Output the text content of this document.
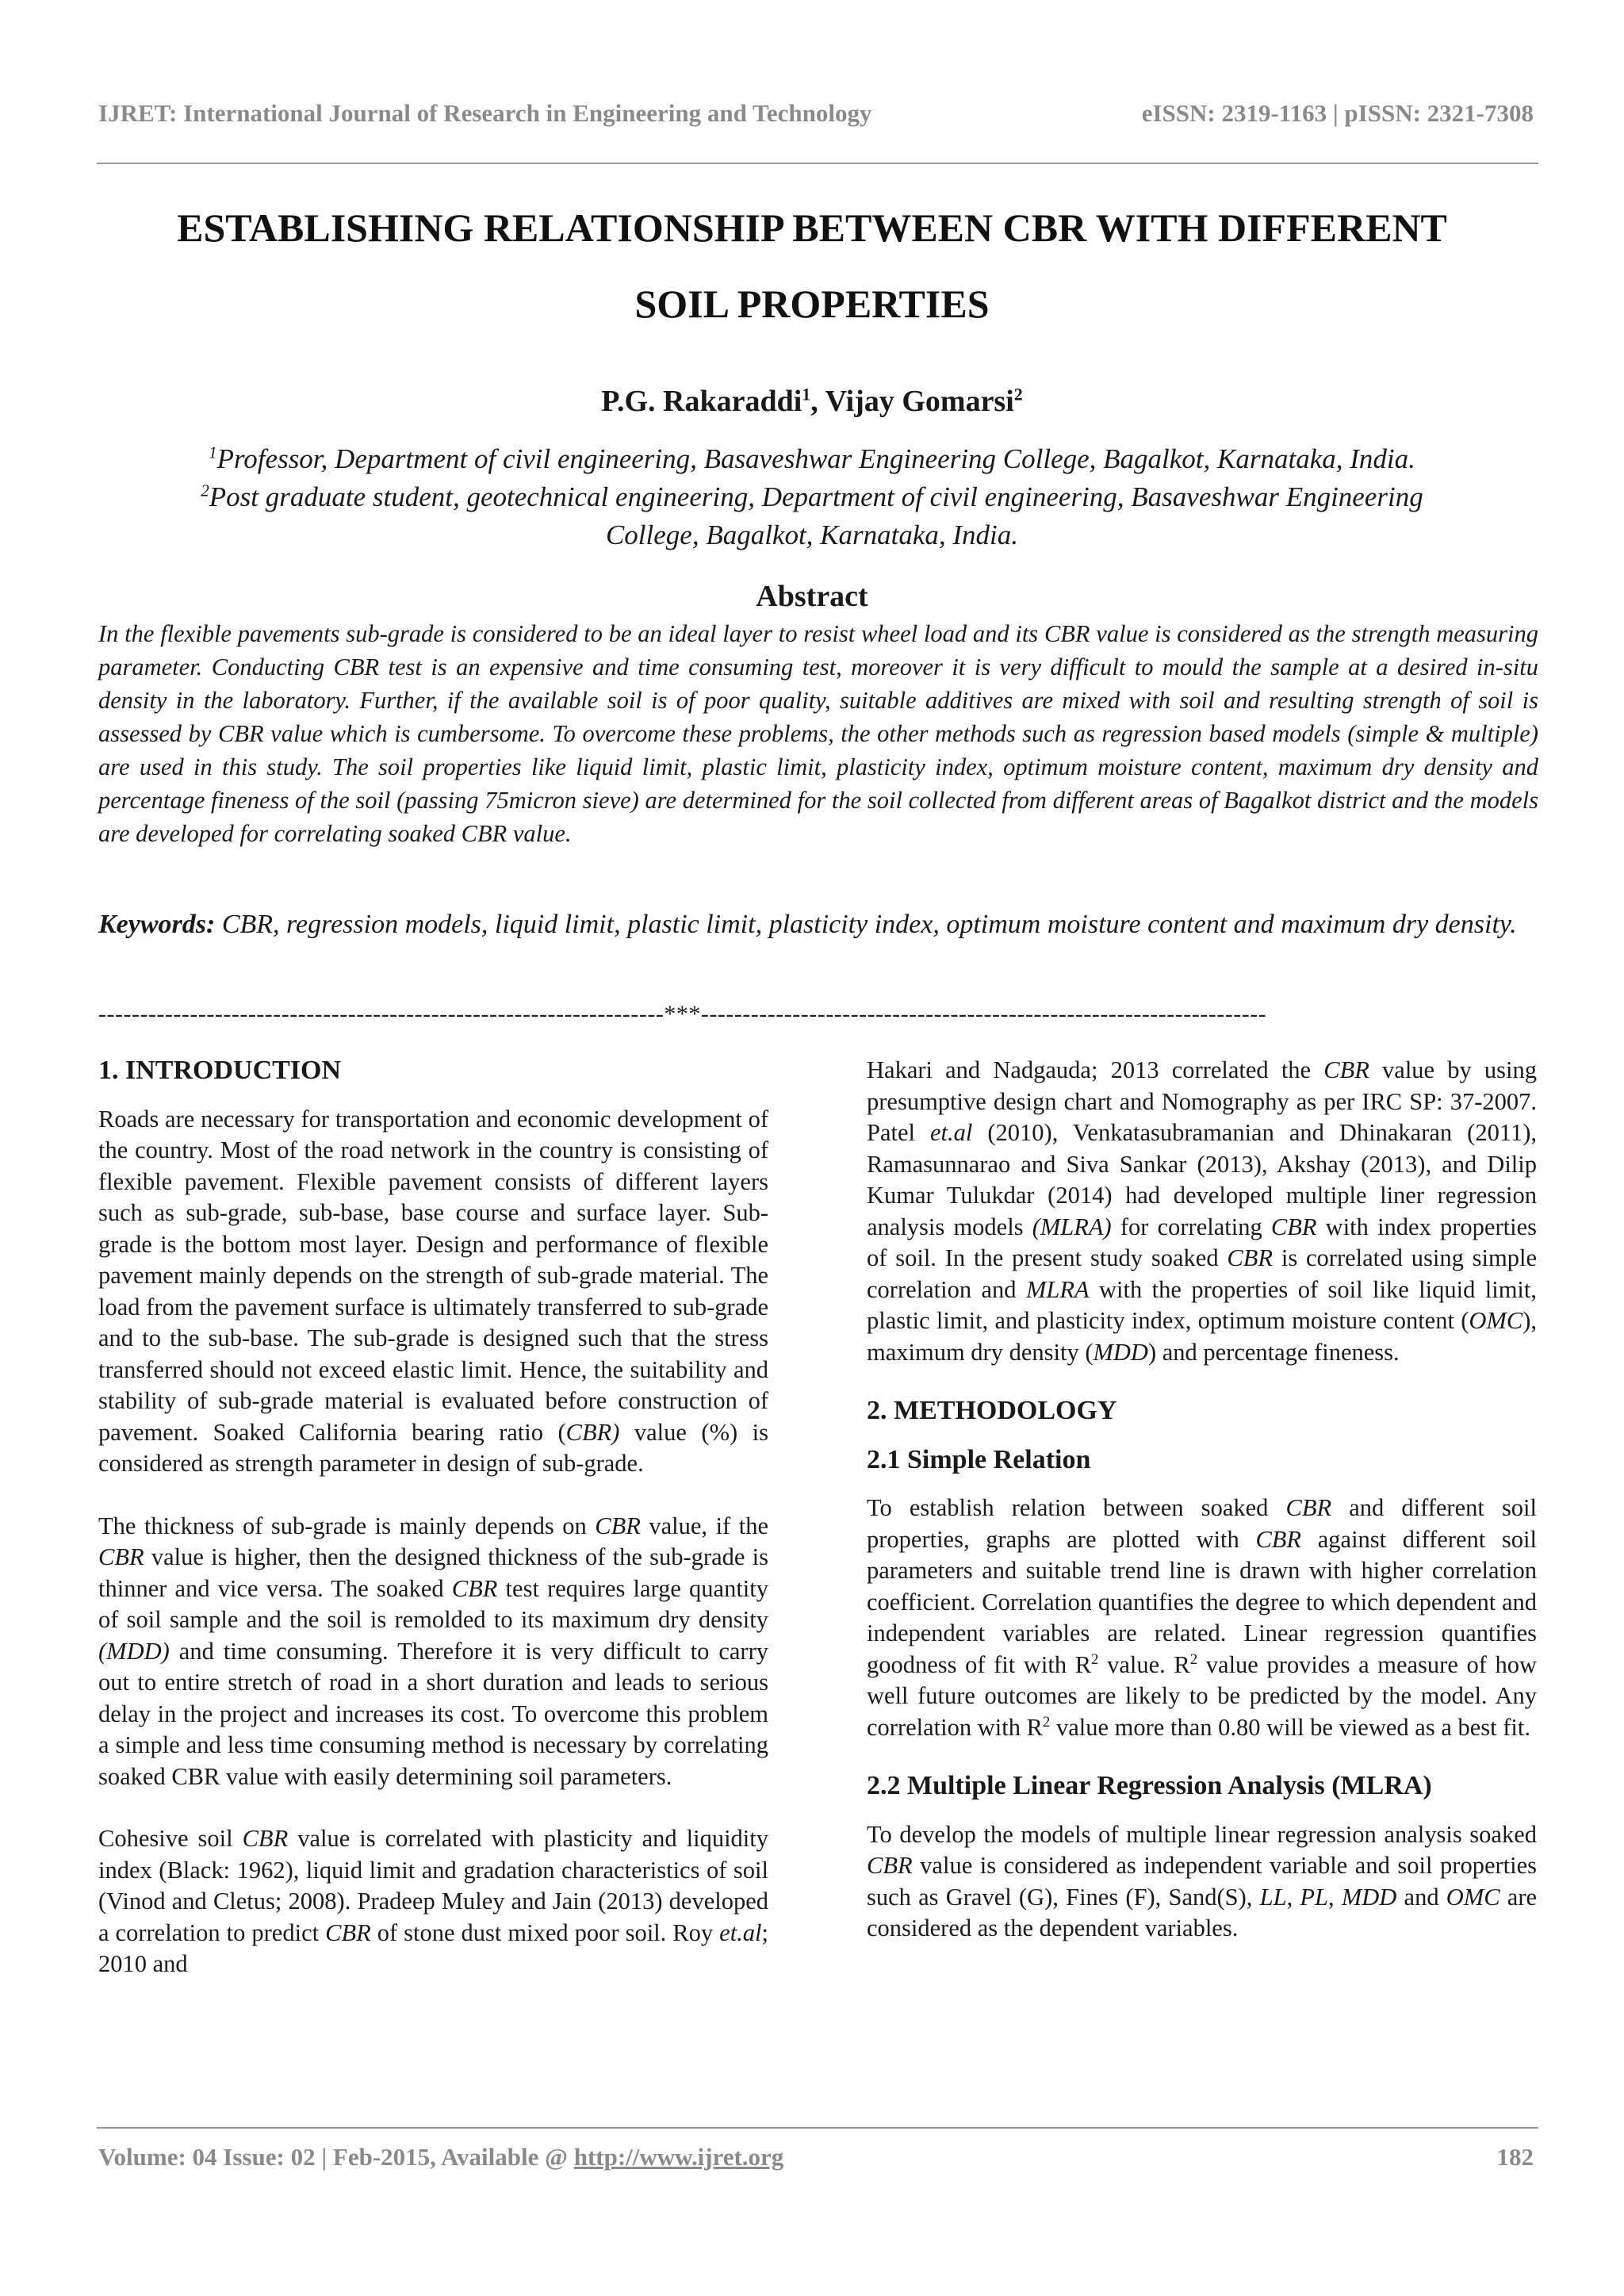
IJRET: International Journal of Research in Engineering and Technology	eISSN: 2319-1163 | pISSN: 2321-7308
ESTABLISHING RELATIONSHIP BETWEEN CBR WITH DIFFERENT
SOIL PROPERTIES
P.G. Rakaraddi$^1$, Vijay Gomarsi$^2$
$^1$Professor, Department of civil engineering, Basaveshwar Engineering College, Bagalkot, Karnataka, India.
$^2$Post graduate student, geotechnical engineering, Department of civil engineering, Basaveshwar Engineering
College, Bagalkot, Karnataka, India.
Abstract

In the flexible pavements sub-grade is considered to be an ideal layer to resist wheel load and its CBR value is considered as the strength measuring parameter. Conducting CBR test is an expensive and time consuming test, moreover it is very difficult to mould the sample at a desired in-situ density in the laboratory. Further, if the available soil is of poor quality, suitable additives are mixed with soil and resulting strength of soil is assessed by CBR value which is cumbersome. To overcome these problems, the other methods such as regression based models (simple & multiple) are used in this study. The soil properties like liquid limit, plastic limit, plasticity index, optimum moisture content, maximum dry density and percentage fineness of the soil (passing 75micron sieve) are determined for the soil collected from different areas of Bagalkot district and the models are developed for correlating soaked CBR value.

Keywords: CBR, regression models, liquid limit, plastic limit, plasticity index, optimum moisture content and maximum dry density.

--------------------------------------------------------------------***--------------------------------------------------------------------
1. INTRODUCTION

Roads are necessary for transportation and economic development of the country. Most of the road network in the country is consisting of flexible pavement. Flexible pavement consists of different layers such as sub-grade, sub-base, base course and surface layer. Sub-grade is the bottom most layer. Design and performance of flexible pavement mainly depends on the strength of sub-grade material. The load from the pavement surface is ultimately transferred to sub-grade and to the sub-base. The sub-grade is designed such that the stress transferred should not exceed elastic limit. Hence, the suitability and stability of sub-grade material is evaluated before construction of pavement. Soaked California bearing ratio (CBR) value (%) is considered as strength parameter in design of sub-grade.

The thickness of sub-grade is mainly depends on CBR value, if the CBR value is higher, then the designed thickness of the sub-grade is thinner and vice versa. The soaked CBR test requires large quantity of soil sample and the soil is remolded to its maximum dry density (MDD) and time consuming. Therefore it is very difficult to carry out to entire stretch of road in a short duration and leads to serious delay in the project and increases its cost. To overcome this problem a simple and less time consuming method is necessary by correlating soaked CBR value with easily determining soil parameters.

Cohesive soil CBR value is correlated with plasticity and liquidity index (Black: 1962), liquid limit and gradation characteristics of soil (Vinod and Cletus; 2008). Pradeep Muley and Jain (2013) developed a correlation to predict CBR of stone dust mixed poor soil. Roy et.al; 2010 and

Hakari and Nadgauda; 2013 correlated the CBR value by using presumptive design chart and Nomography as per IRC SP: 37-2007. Patel et.al (2010), Venkatasubramanian and Dhinakaran (2011), Ramasunnarao and Siva Sankar (2013), Akshay (2013), and Dilip Kumar Tulukdar (2014) had developed multiple liner regression analysis models (MLRA) for correlating CBR with index properties of soil. In the present study soaked CBR is correlated using simple correlation and MLRA with the properties of soil like liquid limit, plastic limit, and plasticity index, optimum moisture content (OMC), maximum dry density (MDD) and percentage fineness.

2. METHODOLOGY
2.1 Simple Relation

To establish relation between soaked CBR and different soil properties, graphs are plotted with CBR against different soil parameters and suitable trend line is drawn with higher correlation coefficient. Correlation quantifies the degree to which dependent and independent variables are related. Linear regression quantifies goodness of fit with $R^2$ value. $R^2$ value provides a measure of how well future outcomes are likely to be predicted by the model. Any correlation with $R^2$ value more than 0.80 will be viewed as a best fit.

2.2 Multiple Linear Regression Analysis (MLRA)

To develop the models of multiple linear regression analysis soaked CBR value is considered as independent variable and soil properties such as Gravel (G), Fines (F), Sand(S), LL, PL, MDD and OMC are considered as the dependent variables.

Volume: 04 Issue: 02 | Feb-2015, Available @ http://www.ijret.org	182
